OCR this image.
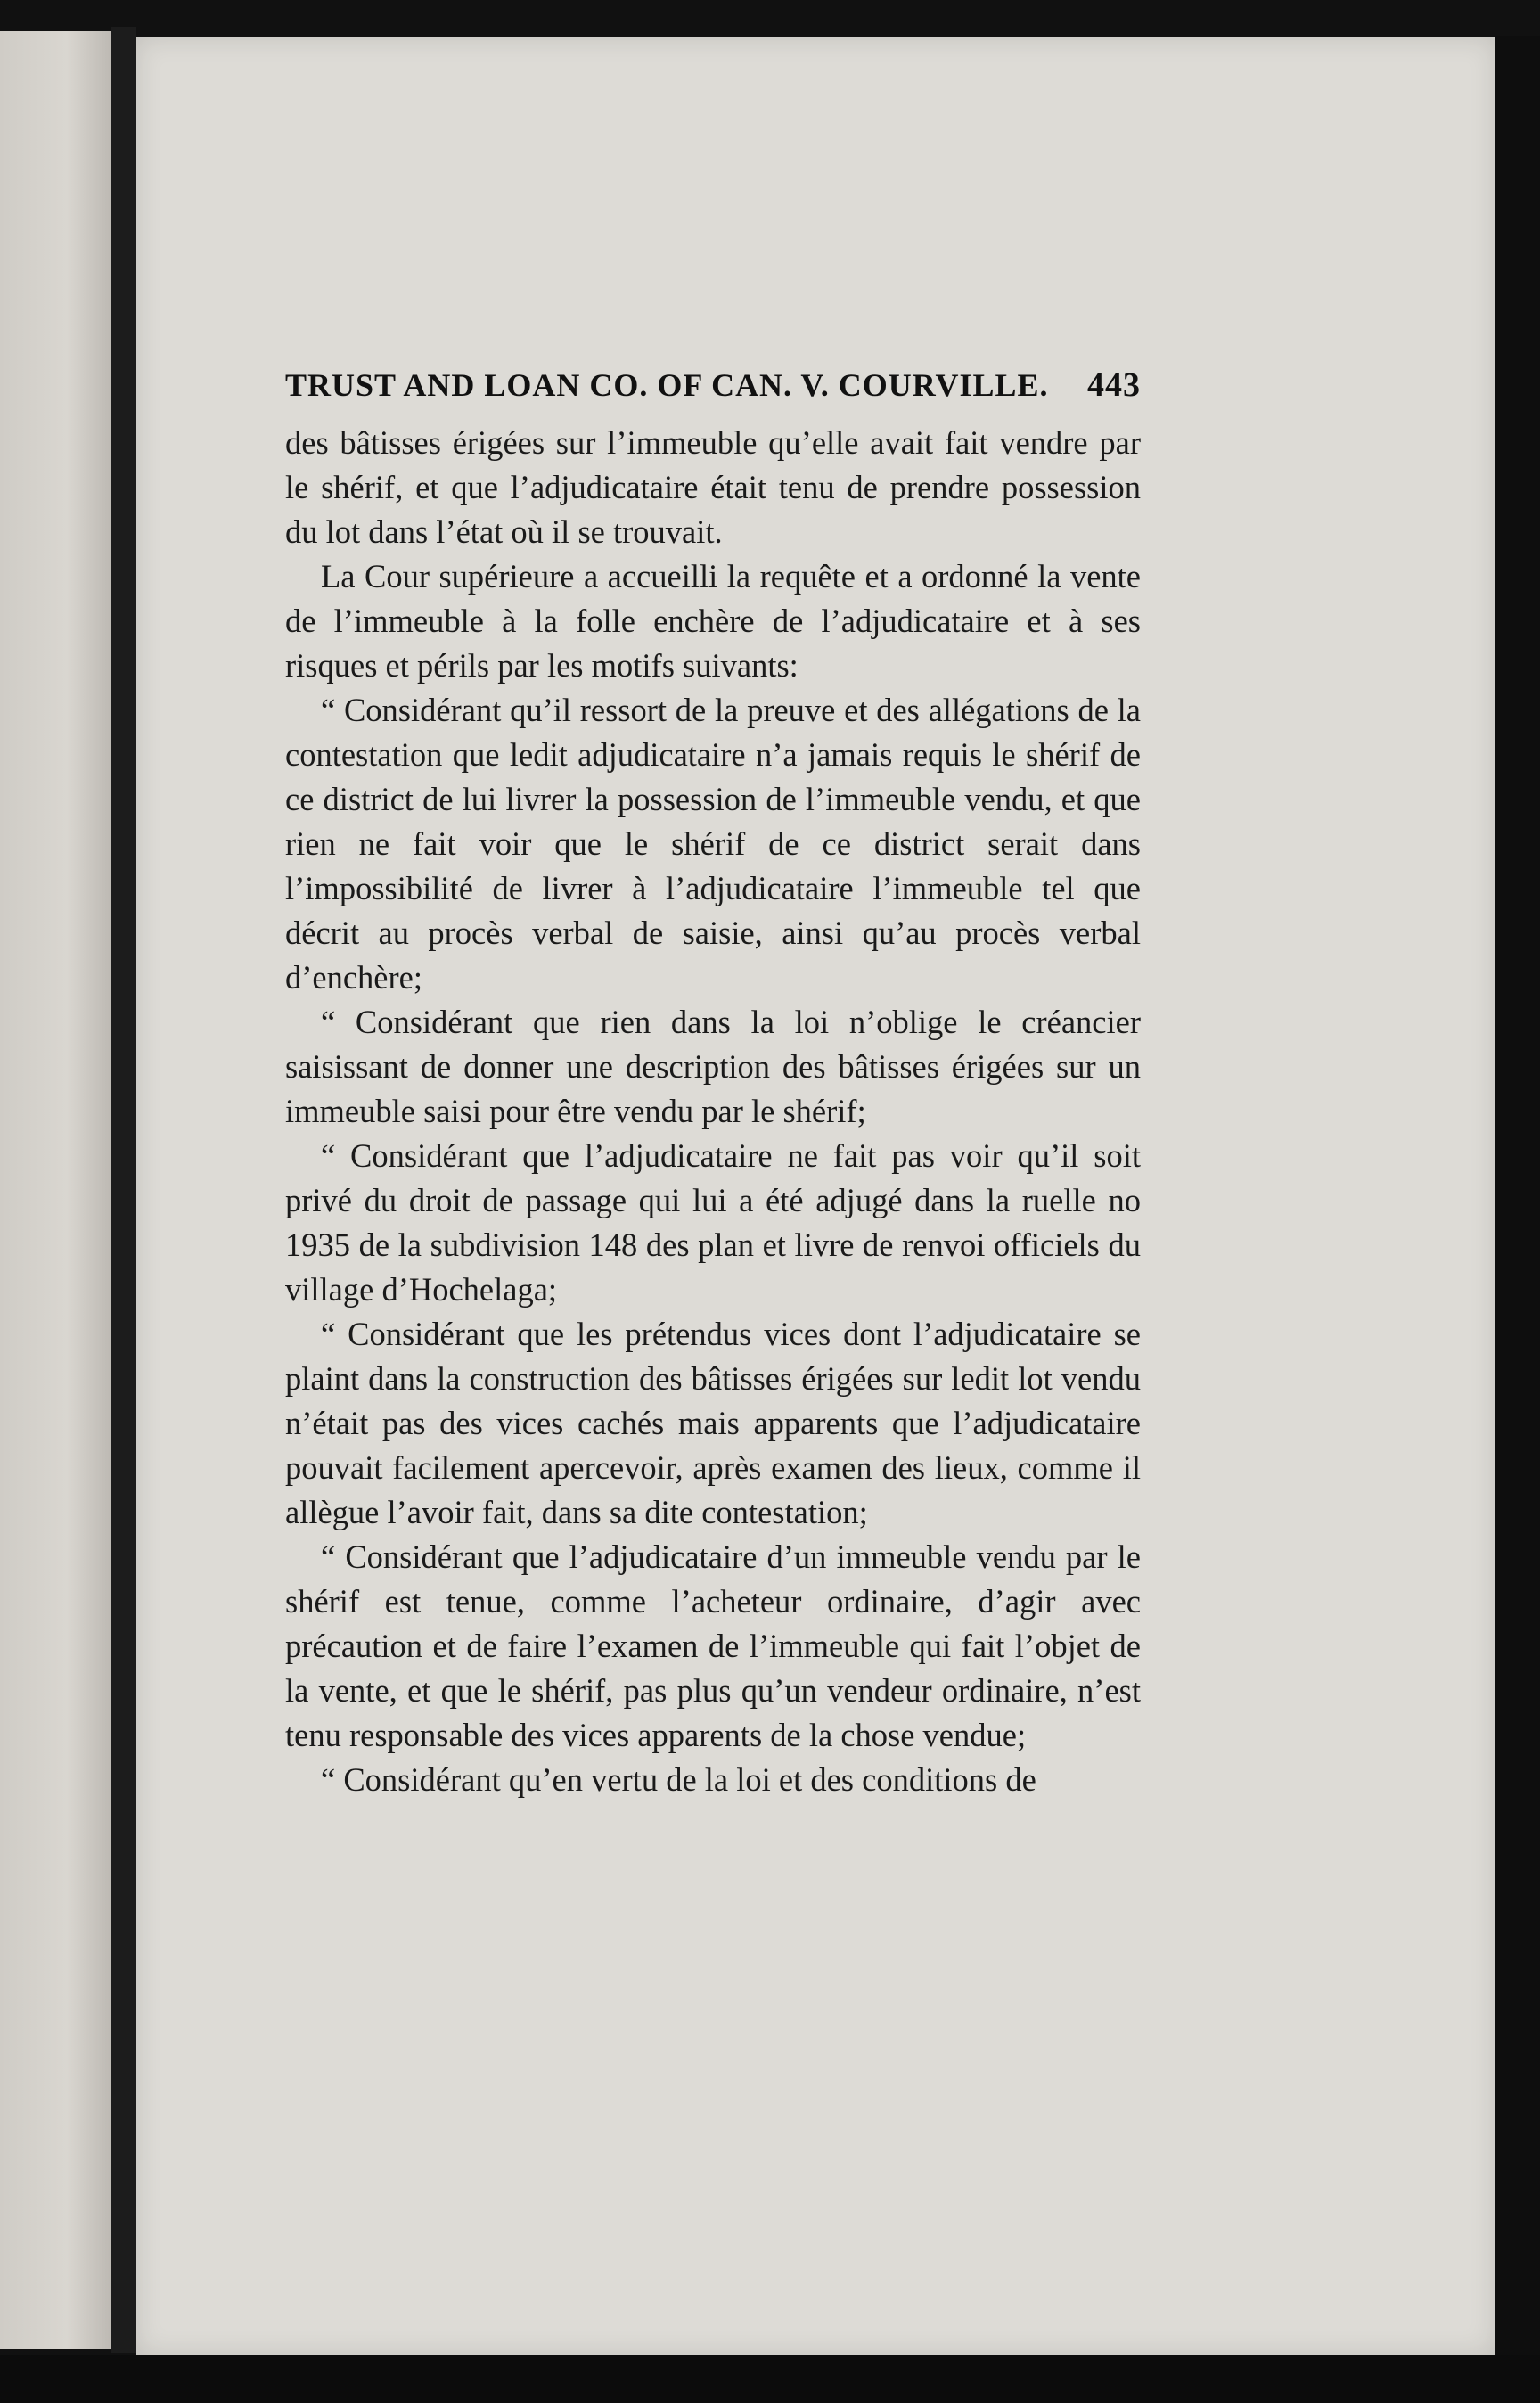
TRUST AND LOAN CO. OF CAN. V. COURVILLE. 443

des bâtisses érigées sur l’immeuble qu’elle avait fait vendre par le shérif, et que l’adjudicataire était tenu de prendre possession du lot dans l’état où il se trouvait.

La Cour supérieure a accueilli la requête et a ordonné la vente de l’immeuble à la folle enchère de l’adjudicataire et à ses risques et périls par les motifs suivants:

“ Considérant qu’il ressort de la preuve et des allégations de la contestation que ledit adjudicataire n’a jamais requis le shérif de ce district de lui livrer la possession de l’immeuble vendu, et que rien ne fait voir que le shérif de ce district serait dans l’impossibilité de livrer à l’adjudicataire l’immeuble tel que décrit au procès verbal de saisie, ainsi qu’au procès verbal d’enchère;

“ Considérant que rien dans la loi n’oblige le créancier saisissant de donner une description des bâtisses érigées sur un immeuble saisi pour être vendu par le shérif;

“ Considérant que l’adjudicataire ne fait pas voir qu’il soit privé du droit de passage qui lui a été adjugé dans la ruelle no 1935 de la subdivision 148 des plan et livre de renvoi officiels du village d’Hochelaga;

“ Considérant que les prétendus vices dont l’adjudicataire se plaint dans la construction des bâtisses érigées sur ledit lot vendu n’était pas des vices cachés mais apparents que l’adjudicataire pouvait facilement apercevoir, après examen des lieux, comme il allègue l’avoir fait, dans sa dite contestation;

“ Considérant que l’adjudicataire d’un immeuble vendu par le shérif est tenue, comme l’acheteur ordinaire, d’agir avec précaution et de faire l’examen de l’immeuble qui fait l’objet de la vente, et que le shérif, pas plus qu’un vendeur ordinaire, n’est tenu responsable des vices apparents de la chose vendue;

“ Considérant qu’en vertu de la loi et des conditions de
